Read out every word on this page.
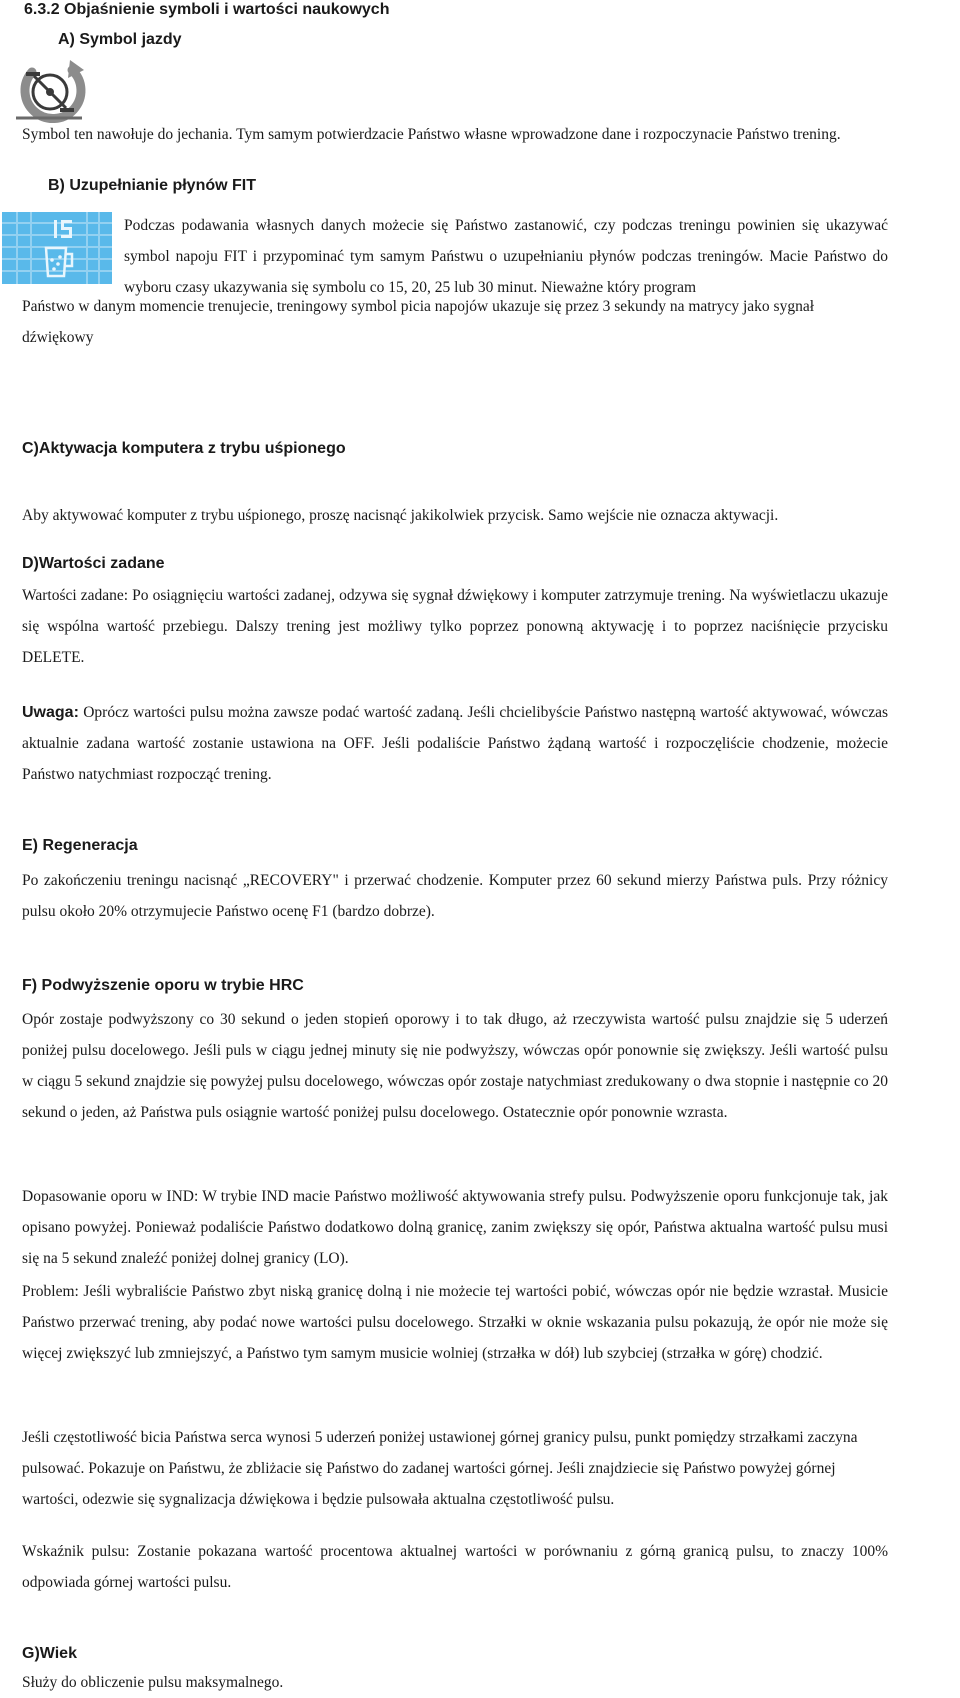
6.3.2 Objaśnienie symboli i wartości naukowych
A) Symbol jazdy

Symbol ten nawołuje do jechania. Tym samym potwierdzacie Państwo własne wprowadzone dane i rozpoczynacie Państwo trening.

B) Uzupełnianie płynów FIT

Podczas podawania własnych danych możecie się Państwo zastanowić, czy podczas treningu powinien się ukazywać symbol napoju FIT i przypominać tym samym Państwu o uzupełnianiu płynów podczas treningów. Macie Państwo do wyboru czasy ukazywania się symbolu co 15, 20, 25 lub 30 minut. Nieważne który program

Państwo w danym momencie trenujecie, treningowy symbol picia napojów ukazuje się przez 3 sekundy na matrycy jako sygnał dźwiękowy

C)Aktywacja komputera z trybu uśpionego

Aby aktywować komputer z trybu uśpionego, proszę nacisnąć jakikolwiek przycisk. Samo wejście nie oznacza aktywacji.

D)Wartości zadane

Wartości zadane: Po osiągnięciu wartości zadanej, odzywa się sygnał dźwiękowy i komputer zatrzymuje trening. Na wyświetlaczu ukazuje się wspólna wartość przebiegu. Dalszy trening jest możliwy tylko poprzez ponowną aktywację i to poprzez naciśnięcie przycisku DELETE.

Uwaga: Oprócz wartości pulsu można zawsze podać wartość zadaną. Jeśli chcielibyście Państwo następną wartość aktywować, wówczas aktualnie zadana wartość zostanie ustawiona na OFF. Jeśli podaliście Państwo żądaną wartość i rozpoczęliście chodzenie, możecie Państwo natychmiast rozpocząć trening.

E) Regeneracja

Po zakończeniu treningu nacisnąć „RECOVERY" i przerwać chodzenie. Komputer przez 60 sekund mierzy Państwa puls. Przy różnicy pulsu około 20% otrzymujecie Państwo ocenę F1 (bardzo dobrze).

F) Podwyższenie oporu w trybie HRC

Opór zostaje podwyższony co 30 sekund o jeden stopień oporowy i to tak długo, aż rzeczywista wartość pulsu znajdzie się 5 uderzeń poniżej pulsu docelowego. Jeśli puls w ciągu jednej minuty się nie podwyższy, wówczas opór ponownie się zwiększy. Jeśli wartość pulsu w ciągu 5 sekund znajdzie się powyżej pulsu docelowego, wówczas opór zostaje natychmiast zredukowany o dwa stopnie i następnie co 20 sekund o jeden, aż Państwa puls osiągnie wartość poniżej pulsu docelowego. Ostatecznie opór ponownie wzrasta.

Dopasowanie oporu w IND: W trybie IND macie Państwo możliwość aktywowania strefy pulsu. Podwyższenie oporu funkcjonuje tak, jak opisano powyżej. Ponieważ podaliście Państwo dodatkowo dolną granicę, zanim zwiększy się opór, Państwa aktualna wartość pulsu musi się na 5 sekund znaleźć poniżej dolnej granicy (LO).

Problem: Jeśli wybraliście Państwo zbyt niską granicę dolną i nie możecie tej wartości pobić, wówczas opór nie będzie wzrastał. Musicie Państwo przerwać trening, aby podać nowe wartości pulsu docelowego. Strzałki w oknie wskazania pulsu pokazują, że opór nie może się więcej zwiększyć lub zmniejszyć, a Państwo tym samym musicie wolniej (strzałka w dół) lub szybciej (strzałka w górę) chodzić.

Jeśli częstotliwość bicia Państwa serca wynosi 5 uderzeń poniżej ustawionej górnej granicy pulsu, punkt pomiędzy strzałkami zaczyna pulsować. Pokazuje on Państwu, że zbliżacie się Państwo do zadanej wartości górnej. Jeśli znajdziecie się Państwo powyżej górnej wartości, odezwie się sygnalizacja dźwiękowa i będzie pulsowała aktualna częstotliwość pulsu.

Wskaźnik pulsu: Zostanie pokazana wartość procentowa aktualnej wartości w porównaniu z górną granicą pulsu, to znaczy 100% odpowiada górnej wartości pulsu.

G)Wiek

Służy do obliczenie pulsu maksymalnego.
